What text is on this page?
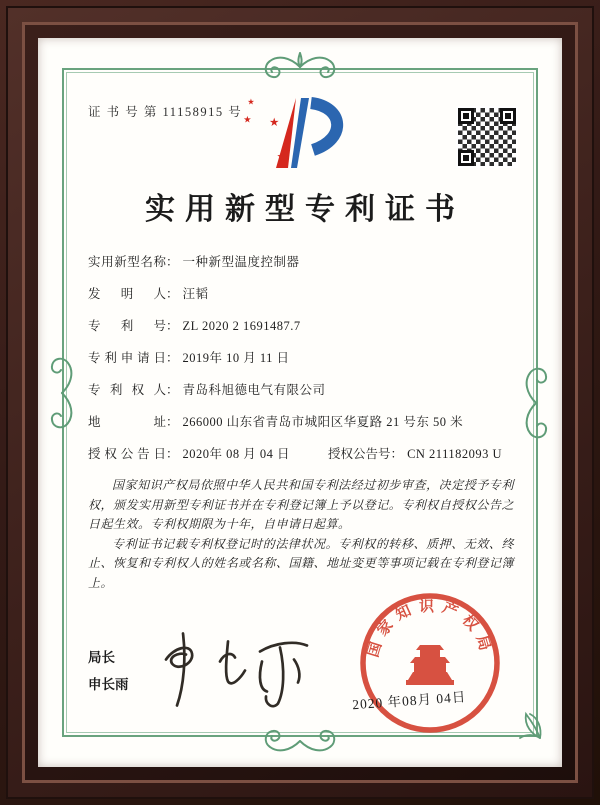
证 书 号 第 11158915 号
实用新型专利证书
实用新型名称： 一种新型温度控制器
发明人： 汪韬
专利号： ZL 2020 2 1691487.7
专利申请日： 2019年 10 月 11 日
专利权人： 青岛科旭德电气有限公司
地址： 266000 山东省青岛市城阳区华夏路 21 号东 50 米
授权公告日： 2020年 08 月 04 日	授权公告号： CN 211182093 U

国家知识产权局依照中华人民共和国专利法经过初步审查，决定授予专利权，颁发实用新型专利证书并在专利登记簿上予以登记。专利权自授权公告之日起生效。专利权期限为十年，自申请日起算。

专利证书记载专利权登记时的法律状况。专利权的转移、质押、无效、终止、恢复和专利权人的姓名或名称、国籍、地址变更等事项记载在专利登记簿上。

局长
申长雨
国家知识产权局
2020 年08月 04日
